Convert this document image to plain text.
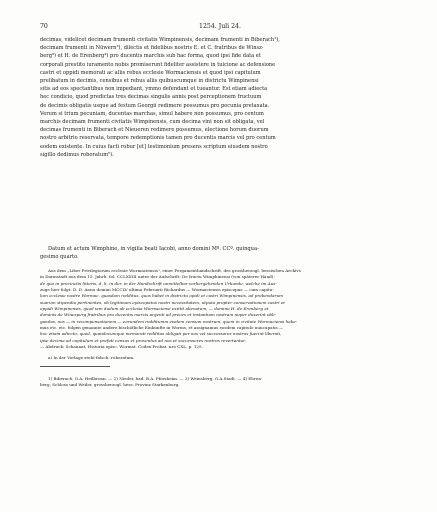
70	1254. Juli 24.

decimas, videlicet decimam frumenti civitatis Wimpinensis, decimam frumenti in Biberach¹),

decimam frumenti in Nüwern²), dilectis et fidelibus nostris E. et C. fratribus de Winsz-

berg³) et H. de Erenberg⁴) pro ducentis marchis sub hac forma, quod ipsi fide data et

corporali prestito iuramento nobis promiserunt fideliter assistere in tuicione ac defensione

castri et oppidi memorati ac aliis rebus ecclesie Wormaciensis et quod ipsi capitulum

prelibatum in decimis, censibus et rebus aliis quibuscumque in districtu Wimpinensi

sitis ad eos spectantibus non impediant, ymmo defendant et tueantur. Est etiam adiecta

hec condicio, quod predictas tres decimas singulis annis post perceptionem fructuum

de decimis obligatis usque ad festum Georgii redimere possumus pro pecunia pretaxata.

Verum si trium pecuniam, ducentas marchas, simul habere non possumus, pro centum

marchis decimam frumenti civitatis Wimpinensis, cum decima vini non sit obligata, vel

decimas frumenti in Biberach et Nieueren redimere possumus, electione horum duorum

nostro arbitrio reservata, tempore redemptionis tamen pro ducentis marcis vel pro centum

eodem existente. In cuius facti robur [et] testimonium presens scriptum eiusdem nostro

sigillo dedimus roboratum⁵).

Datum et actum Wimphine, in vigilia beati Iacobi, anno domini Mº. CCº. quinqua-

gesimo quarto.

Aus dem „Liber Privilegiorum ecclesie Wormaciensis", einer Pergamenthandschrift, des grossherzogl. hessischen Archivs

in Darmstadt aus dem 15. Jahrh. fol. CCLXXIII unter der Aufschrift: De fructu Wimphinensi (von späterer Hand):

de quo in precinctis litteris, d. h. in der, in der Handschrift unmittelbar vorhergehenden Urkunde, welche im Aus-

zuge hier folgt: D. D. Anno domini MCCLV ultima Februarii Richardus — Wormaciensis episcopus — cum capitu-

lum ecclesie nostre Wormac. quasdam redditus, quos habet in districtu opidi et castri Wimpinensis, ad prebendarum

suarum stipendia pertinentes, ob legitimam episcopatus nostri necessitatem, utputa propter conservationem castri et

oppidi Wimpinensis, quod iam dudum ab ecclesia Wormaciensi extitit alienatum, — domino H. de Erenberg et

dominis de Winesperg fratribus pro ducentis marcis argenti ad preces et instantiam nostram nuper duxerint obli-

gandas, nos — in recompensationem — eorundem redditumm eisdem censum nostrum, quem in civitate Wormaciensi habe-

mus etc. etc. folgen genannte andere bischöfliche Einkünfte in Worms, et assignamus eosdem capitulo nuncupatis —

hoc etiam adiecto, quod, quandocumque memorati redditus obligati per nos vel successores nostros fuerint liberati,

ipse decima ad capitulum et prefati census et proventus ad nos et successores nostros revertantur.

— Abdruck: Schannat, Historia episc. Wormat. Codex Probat. nro CXL, p. 125.

a) In der Vorlage steht falsch: roboratum.

1) Biberach, O.A. Heilbronn. — 2) Nieder, bad. B.A. Pforzheim. — 3) Weinsberg, O.A.Stadt. — 4) Ehren-

berg, Schloss und Weiler, grossherzogl. hess. Provinz Starkenburg.
